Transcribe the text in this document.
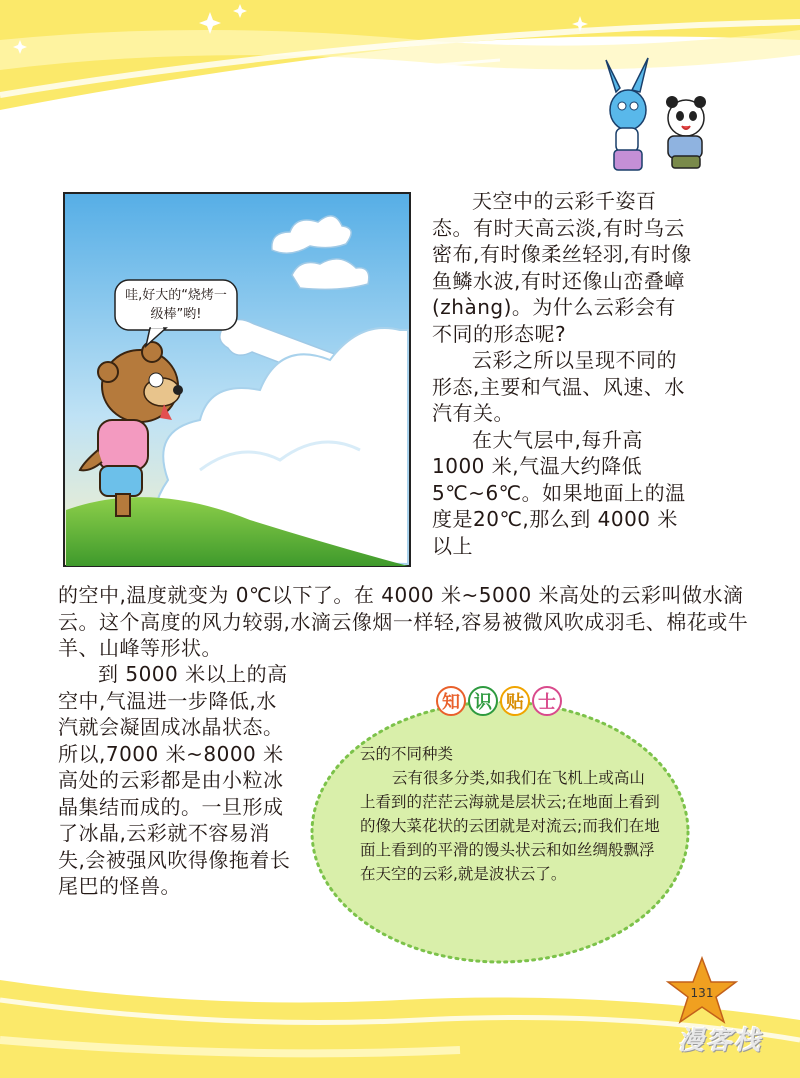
哇,好大的“烧烤一级棒”哟!

天空中的云彩千姿百态。有时天高云淡,有时乌云密布,有时像柔丝轻羽,有时像鱼鳞水波,有时还像山峦叠嶂(zhàng)。为什么云彩会有不同的形态呢?

云彩之所以呈现不同的形态,主要和气温、风速、水汽有关。

在大气层中,每升高1000 米,气温大约降低 5℃~6℃。如果地面上的温度是20℃,那么到 4000 米以上

的空中,温度就变为 0℃以下了。在 4000 米~5000 米高处的云彩叫做水滴云。这个高度的风力较弱,水滴云像烟一样轻,容易被微风吹成羽毛、棉花或牛羊、山峰等形状。

到 5000 米以上的高空中,气温进一步降低,水汽就会凝固成冰晶状态。所以,7000 米~8000 米高处的云彩都是由小粒冰晶集结而成的。一旦形成了冰晶,云彩就不容易消失,会被强风吹得像拖着长尾巴的怪兽。

知 识 贴 士

云的不同种类

云有很多分类,如我们在飞机上或高山上看到的茫茫云海就是层状云;在地面上看到的像大菜花状的云团就是对流云;而我们在地面上看到的平滑的馒头状云和如丝绸般飘浮在天空的云彩,就是波状云了。

131
漫客栈
